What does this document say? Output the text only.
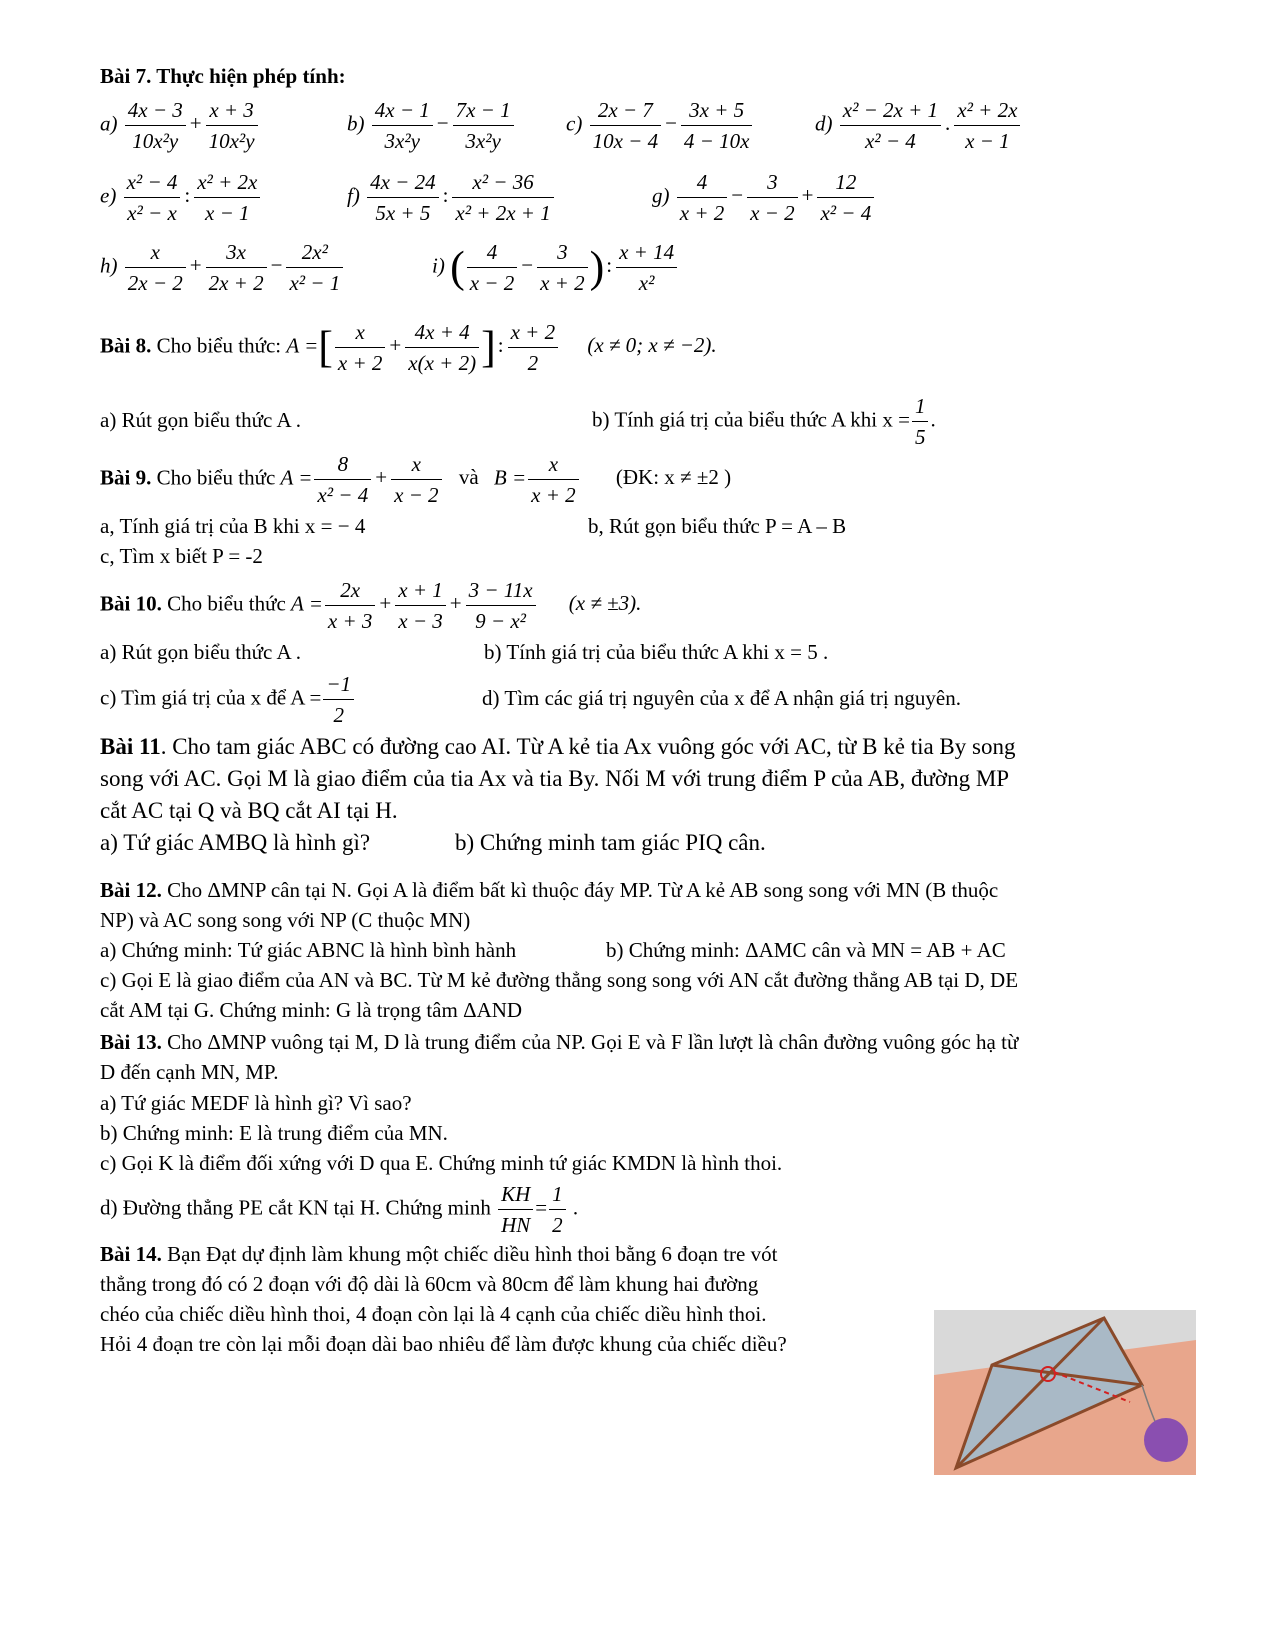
Bài 7. Thực hiện phép tính:
$a) \frac{4x - 3}{\text{10x²y}} + \frac{x + 3}{\text{10x²y}}$	$b) \frac{4x - 1}{\text{3x²y}} - \frac{7x - 1}{\text{3x²y}} c) \frac{2x - 7}{10x - 4} - \frac{3x + 5}{4 - 10x}$	$d) \frac{\text{x² − 2x + 1}}{\text{x² − 4}}$ . $\frac{\text{x² + 2x}}{x - 1}$
$e) \frac{\text{x² − 4}}{\text{x² − x}}$ : $\frac{\text{x² + 2x}}{x - 1}$	$f) \frac{4x - 24}{5x + 5}$ : $\frac{\text{x² − 36}}{\text{x² + 2x + 1}}$	$g) \frac{4}{x + 2} - \frac{3}{x - 2} + \frac{12}{\text{x² − 4}}$
$h) \frac{x}{2x - 2} + \frac{3x}{2x + 2} - \frac{\text{2x²}}{\text{x² − 1}}$	i) ( $\frac{4}{x - 2} - \frac{3}{x + 2}$ ): $\frac{x + 14}{\text{x²}}$
Bài 8. Cho biểu thức: A =[ $\frac{x}{x + 2} + \frac{4x + 4}{x(x + 2)}$ ]: $\frac{x + 2}{2} (x \ne 0$; x ≠ −2).
a) Rút gọn biểu thức A .	b) Tính giá trị của biểu thức A khi $x = \frac{1}{5}$ .
Bài 9. Cho biểu thức $A = \frac{8}{\text{x² − 4}} + \frac{x}{x - 2}$ và $B = \frac{x}{x + 2}$ (ĐK: x ≠ ±2 )
a, Tính giá trị của B khi x = − 4	b, Rút gọn biểu thức P = A – B
c, Tìm x biết P = -2
Bài 10. Cho biểu thức $A = \frac{2x}{x + 3} + \frac{x + 1}{x - 3} + \frac{3 - 11x}{\text{9 − x²}} (x \ne \pm 3)$.
a) Rút gọn biểu thức A .	b) Tính giá trị của biểu thức A khi x = 5 .
c) Tìm giá trị của x để $A = \frac{-1}{2}$	d) Tìm các giá trị nguyên của x để A nhận giá trị nguyên.
Bài 11. Cho tam giác ABC có đường cao AI. Từ A kẻ tia Ax vuông góc với AC, từ B kẻ tia By song
song với AC. Gọi M là giao điểm của tia Ax và tia By. Nối M với trung điểm P của AB, đường MP
cắt AC tại Q và BQ cắt AI tại H.
a) Tứ giác AMBQ là hình gì?	b) Chứng minh tam giác PIQ cân.
Bài 12. Cho ΔMNP cân tại N. Gọi A là điểm bất kì thuộc đáy MP. Từ A kẻ AB song song với MN (B thuộc
NP) và AC song song với NP (C thuộc MN)
a) Chứng minh: Tứ giác ABNC là hình bình hành	b) Chứng minh: ΔAMC cân và MN = AB + AC
c) Gọi E là giao điểm của AN và BC. Từ M kẻ đường thẳng song song với AN cắt đường thẳng AB tại D, DE
cắt AM tại G. Chứng minh: G là trọng tâm ΔAND
Bài 13. Cho ΔMNP vuông tại M, D là trung điểm của NP. Gọi E và F lần lượt là chân đường vuông góc hạ từ
D đến cạnh MN, MP.
a) Tứ giác MEDF là hình gì? Vì sao?
b) Chứng minh: E là trung điểm của MN.
c) Gọi K là điểm đối xứng với D qua E. Chứng minh tứ giác KMDN là hình thoi.
d) Đường thẳng PE cắt KN tại H. Chứng minh $\frac{KH}{HN} = \frac{1}{2}$ .
Bài 14. Bạn Đạt dự định làm khung một chiếc diều hình thoi bằng 6 đoạn tre vót
thẳng trong đó có 2 đoạn với độ dài là 60cm và 80cm để làm khung hai đường
chéo của chiếc diều hình thoi, 4 đoạn còn lại là 4 cạnh của chiếc diều hình thoi.
Hỏi 4 đoạn tre còn lại mỗi đoạn dài bao nhiêu để làm được khung của chiếc diều?
